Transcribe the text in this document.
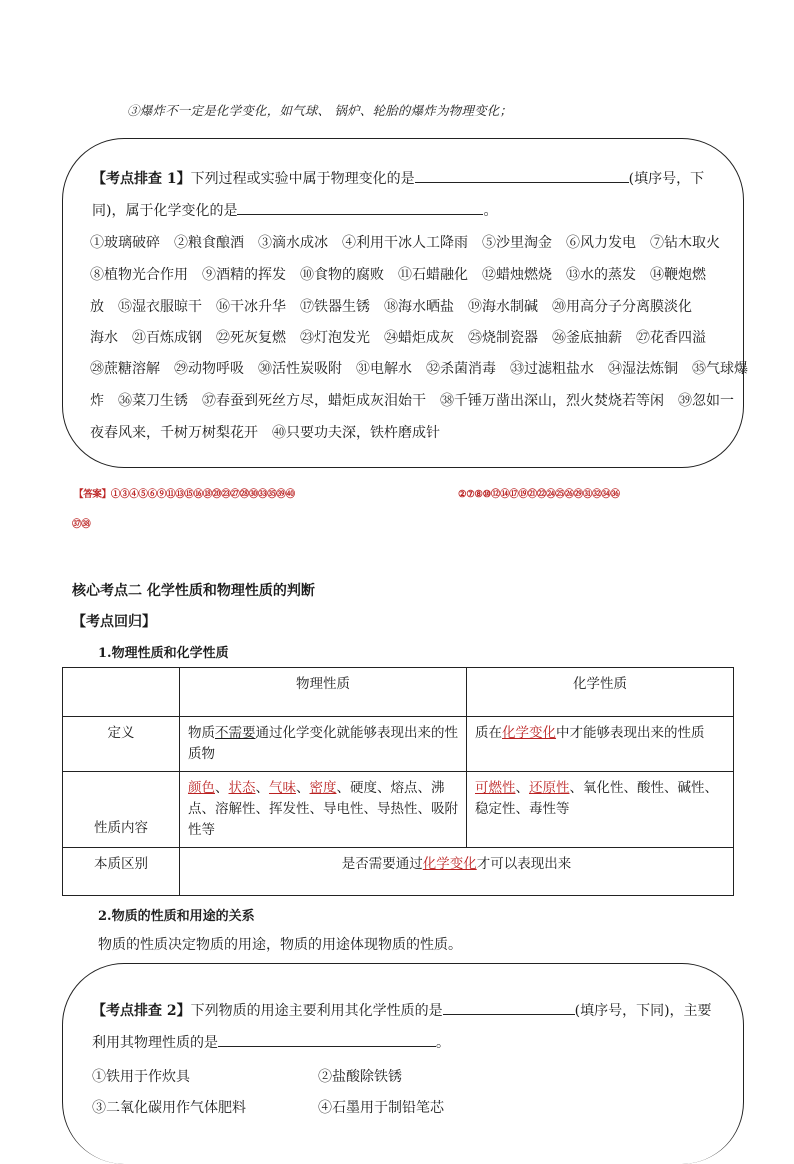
③爆炸不一定是化学变化，如气球、 锅炉、轮胎的爆炸为物理变化；
【考点排查 1】下列过程或实验中属于物理变化的是	(填序号，下
同)，属于化学变化的是	。
①玻璃破碎　②粮食酿酒　③滴水成冰　④利用干冰人工降雨　⑤沙里淘金　⑥风力发电　⑦钻木取火
⑧植物光合作用　⑨酒精的挥发　⑩食物的腐败　⑪石蜡融化　⑫蜡烛燃烧　⑬水的蒸发　⑭鞭炮燃
放　⑮湿衣服晾干　⑯干冰升华　⑰铁器生锈　⑱海水晒盐　⑲海水制碱　⑳用高分子分离膜淡化
海水　㉑百炼成钢　㉒死灰复燃　㉓灯泡发光　㉔蜡炬成灰　㉕烧制瓷器　㉖釜底抽薪　㉗花香四溢
㉘蔗糖溶解　㉙动物呼吸　㉚活性炭吸附　㉛电解水　㉜杀菌消毒　㉝过滤粗盐水　㉞湿法炼铜　㉟气球爆
炸　㊱菜刀生锈　㊲春蚕到死丝方尽，蜡炬成灰泪始干　㊳千锤万凿出深山，烈火焚烧若等闲　㊴忽如一
夜春风来，千树万树梨花开　㊵只要功夫深，铁杵磨成针
【答案】①③④⑤⑥⑨⑪⑬⑮⑯⑱⑳㉓㉗㉘㉚㉝㉟㊴㊵	②⑦⑧⑩⑫⑭⑰⑲㉑㉒㉔㉕㉖㉙㉛㉜㉞㊱
㊲㊳
核心考点二 化学性质和物理性质的判断
【考点回归】
1.物理性质和化学性质
	物理性质	化学性质
定义	物质不需要通过化学变化就能够表现出来的性质物	质在化学变化中才能够表现出来的性质
性质内容	颜色、状态、气味、密度、硬度、熔点、沸点、溶解性、挥发性、导电性、导热性、吸附性等	可燃性、还原性、氧化性、酸性、碱性、稳定性、毒性等
本质区别	是否需要通过化学变化才可以表现出来	
2.物质的性质和用途的关系
物质的性质决定物质的用途，物质的用途体现物质的性质。
【考点排查 2】下列物质的用途主要利用其化学性质的是	(填序号，下同)，主要
利用其物理性质的是	。
①铁用于作炊具	②盐酸除铁锈
③二氧化碳用作气体肥料	④石墨用于制铅笔芯
